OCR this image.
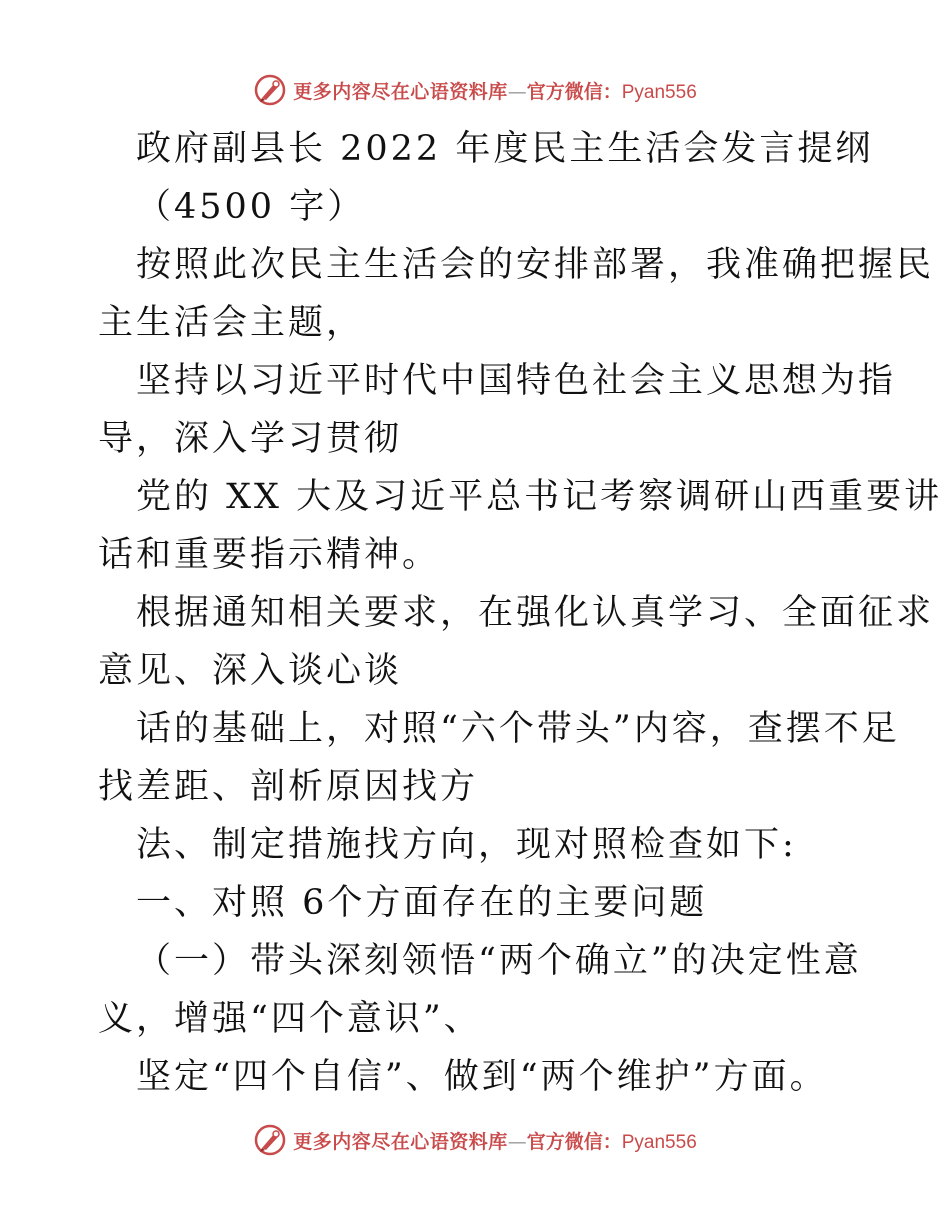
更多内容尽在心语资料库 — 官方微信： Pyan556

政府副县长 2022 年度民主生活会发言提纲

（4500 字）

按照此次民主生活会的安排部署，我准确把握民

主生活会主题，

坚持以习近平时代中国特色社会主义思想为指

导，深入学习贯彻

党的 XX 大及习近平总书记考察调研山西重要讲

话和重要指示精神。

根据通知相关要求，在强化认真学习、全面征求

意见、深入谈心谈

话的基础上，对照“六个带头”内容，查摆不足

找差距、剖析原因找方

法、制定措施找方向，现对照检查如下:

一、对照 6个方面存在的主要问题

（一）带头深刻领悟“两个确立”的决定性意

义，增强“四个意识”、

坚定“四个自信”、做到“两个维护”方面。

更多内容尽在心语资料库 — 官方微信： Pyan556
